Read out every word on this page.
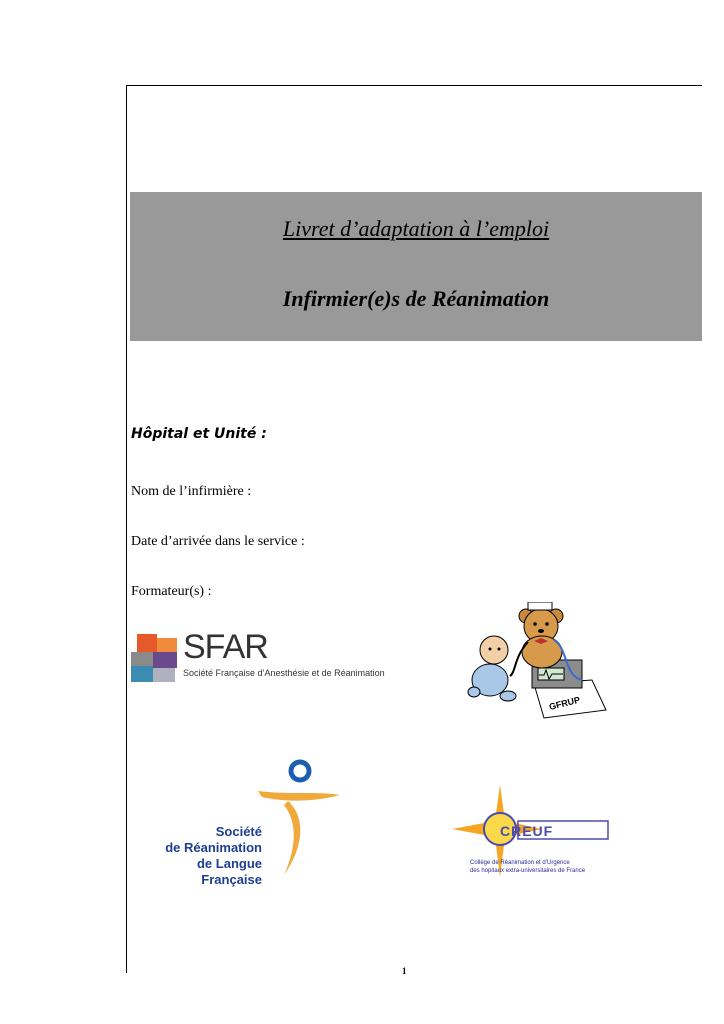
Livret d’adaptation à l’emploi
Infirmier(e)s de Réanimation
Hôpital et Unité :
Nom de l’infirmière :
Date d’arrivée dans le service :
Formateur(s) :
SFAR
Société Française d’Anesthésie et de Réanimation
GFRUP
Société
de Réanimation
de Langue Française
CREUF
Collège de Réanimation et d’Urgence
des hopitaux extra-universitaires de France
1
